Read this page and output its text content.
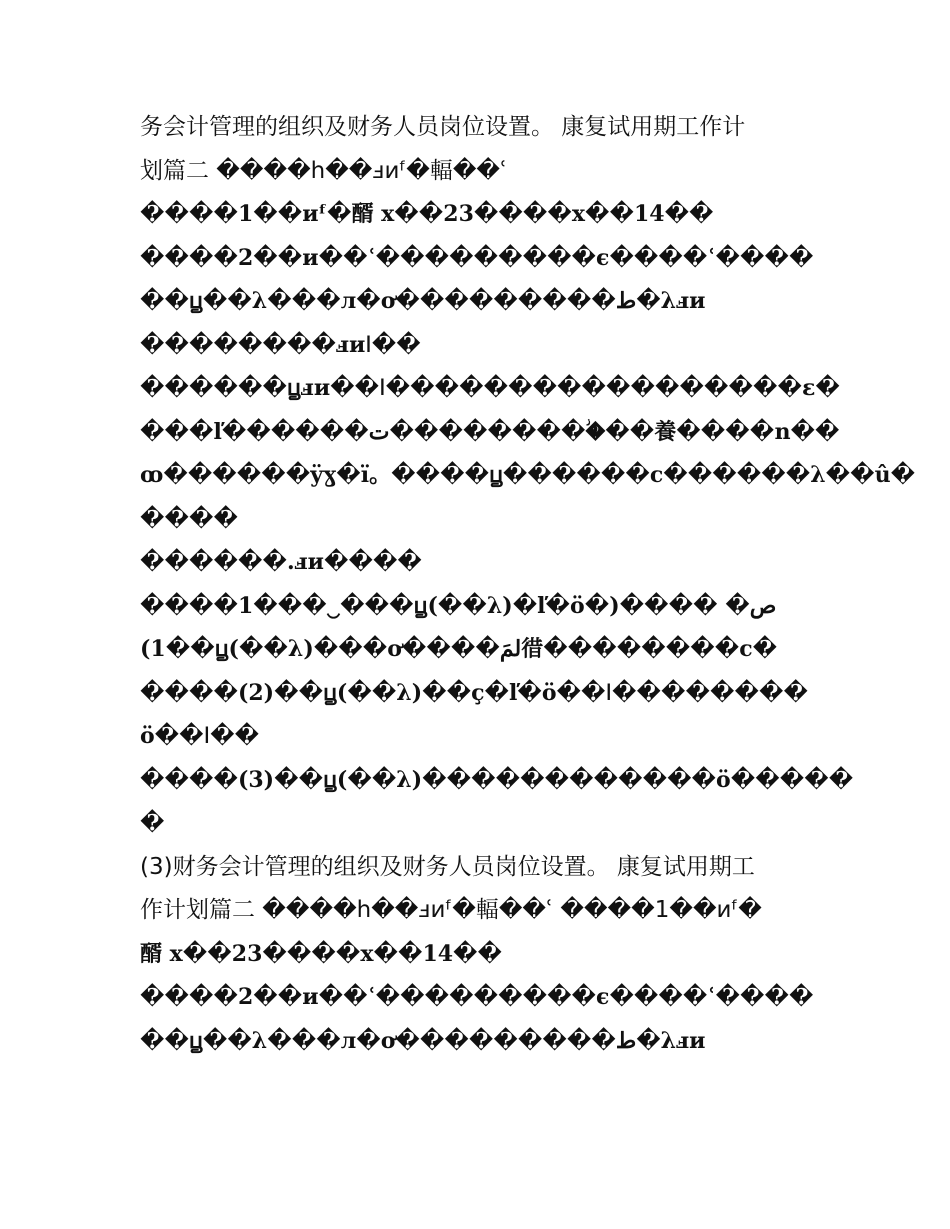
务会计管理的组织及财务人员岗位设置。 康复试用期工作计
划篇二 ����h��ⅎиᶠ�輻��ʿ
����1��иᶠ�醑 x��23����x��14��
����2��и��ʿ���������є����ʿ����
��ꚏ��λ���л�ơ���������ط�λⅎи
��������ⅎиǀ��
������ꚏⅎи��ǀ�����������������ɛ�
���ľ������ت���������ؗ��養����ո��
ꝏ������ÿɣ�ï。����ꚏ������ϲ������λ��û�
����
������.ⅎи����
����1���‿���ꚏ(��λ)�ľ�ö�)���� �ص
(1��ꚏ(��λ)���ơ����لمَ徣��������ϲ�
����(2)��ꚏ(��λ)��ç�ľ�ö��ǀ��������
ö��ǀ��
����(3)��ꚏ(��λ)������������ö�����
�
(3)财务会计管理的组织及财务人员岗位设置。 康复试用期工
作计划篇二 ����h��ⅎиᶠ�輻��ʿ ����1��иᶠ�
醑 x��23����x��14��
����2��и��ʿ���������є����ʿ����
��ꚏ��λ���л�ơ���������ط�λⅎи
